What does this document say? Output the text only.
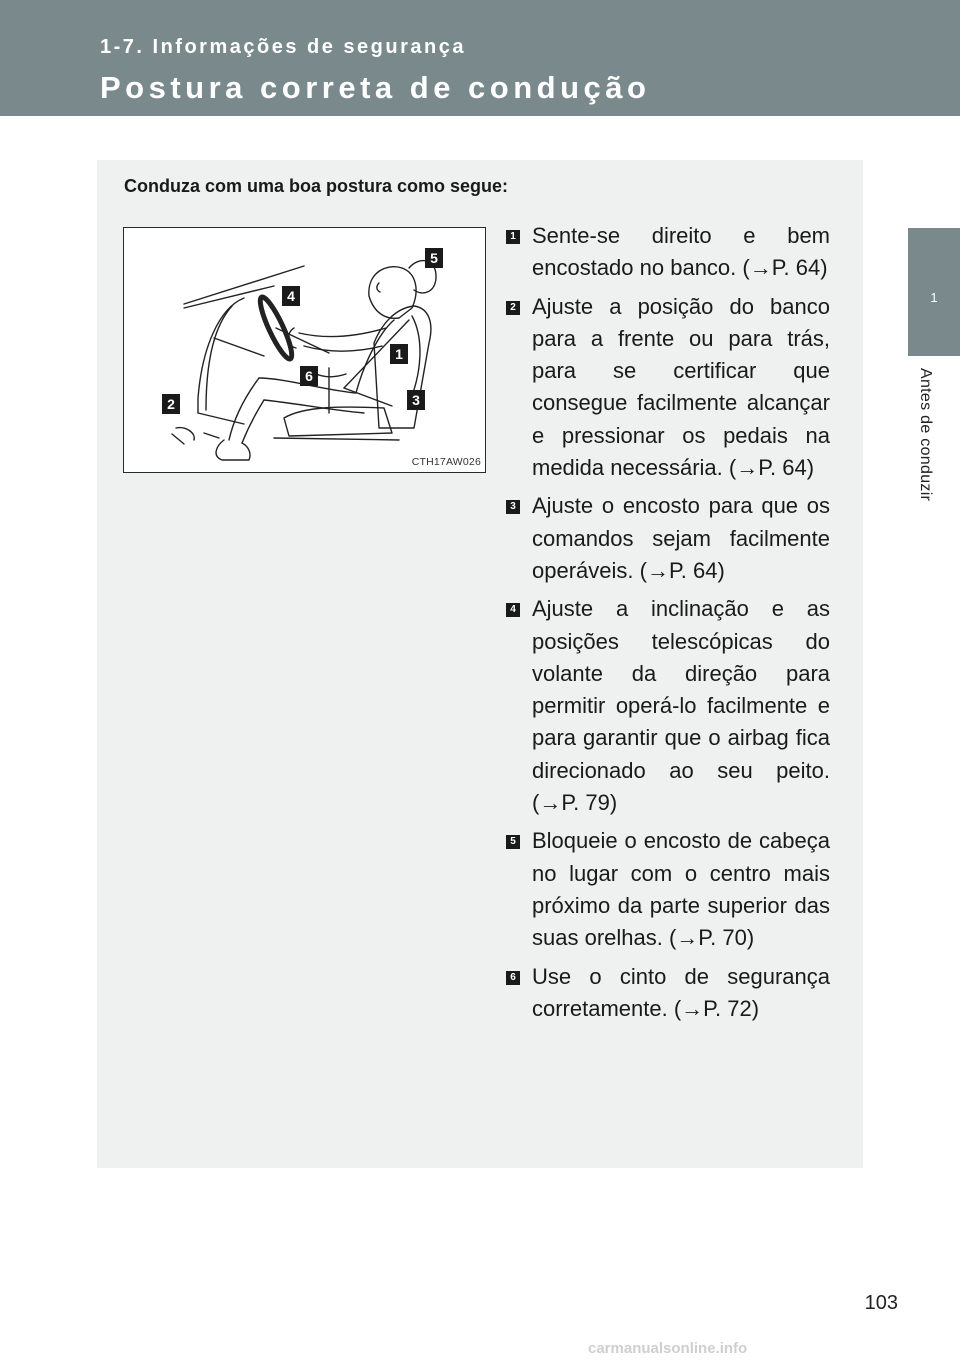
1-7. Informações de segurança
Postura correta de condução
1
Antes de conduzir
Conduza com uma boa postura como segue:
5
4
1
6
3
2
CTH17AW026
1 Sente-se direito e bem encostado no banco. (→P. 64)
2 Ajuste a posição do banco para a frente ou para trás, para se certificar que consegue facilmente alcançar e pressionar os pedais na medida necessária. (→P. 64)
3 Ajuste o encosto para que os comandos sejam facilmente operáveis. (→P. 64)
4 Ajuste a inclinação e as posições telescópicas do volante da direção para permitir operá-lo facilmente e para garantir que o airbag fica direcionado ao seu peito. (→P. 79)
5 Bloqueie o encosto de cabeça no lugar com o centro mais próximo da parte superior das suas orelhas. (→P. 70)
6 Use o cinto de segurança corretamente. (→P. 72)
103
carmanualsonline.info
